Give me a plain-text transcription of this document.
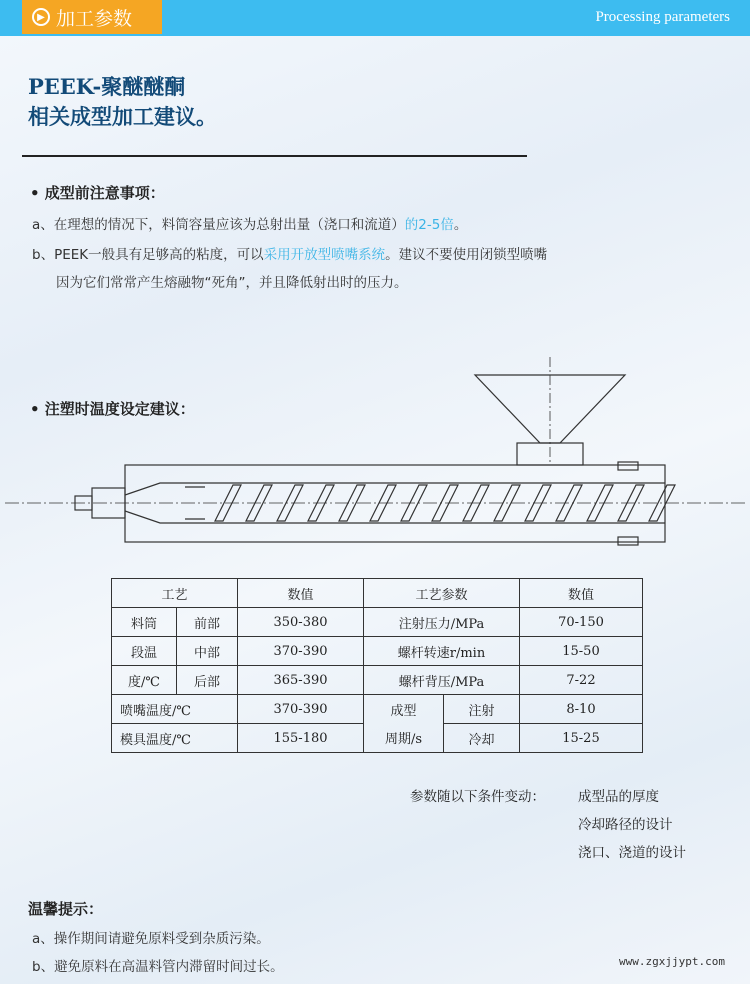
▶ 加工参数	Processing parameters
PEEK-聚醚醚酮
相关成型加工建议。
• 成型前注意事项：
a、在理想的情况下，料筒容量应该为总射出量（浇口和流道）的2-5倍。
b、PEEK一般具有足够高的粘度，可以采用开放型喷嘴系统。建议不要使用闭锁型喷嘴
因为它们常常产生熔融物“死角”，并且降低射出时的压力。
• 注塑时温度设定建议：
工艺		数值	工艺参数		数值
料筒	前部	350-380	注射压力/MPa		70-150
段温	中部	370-390	螺杆转速r/min		15-50
度/℃	后部	365-390	螺杆背压/MPa		7-22
喷嘴温度/℃		370-390	成型	注射	8-10
模具温度/℃		155-180	周期/s	冷却	15-25
参数随以下条件变动： 成型品的厚度
冷却路径的设计
浇口、浇道的设计
温馨提示：
a、操作期间请避免原料受到杂质污染。
b、避免原料在高温料管内滞留时间过长。	www.zgxjjypt.com
